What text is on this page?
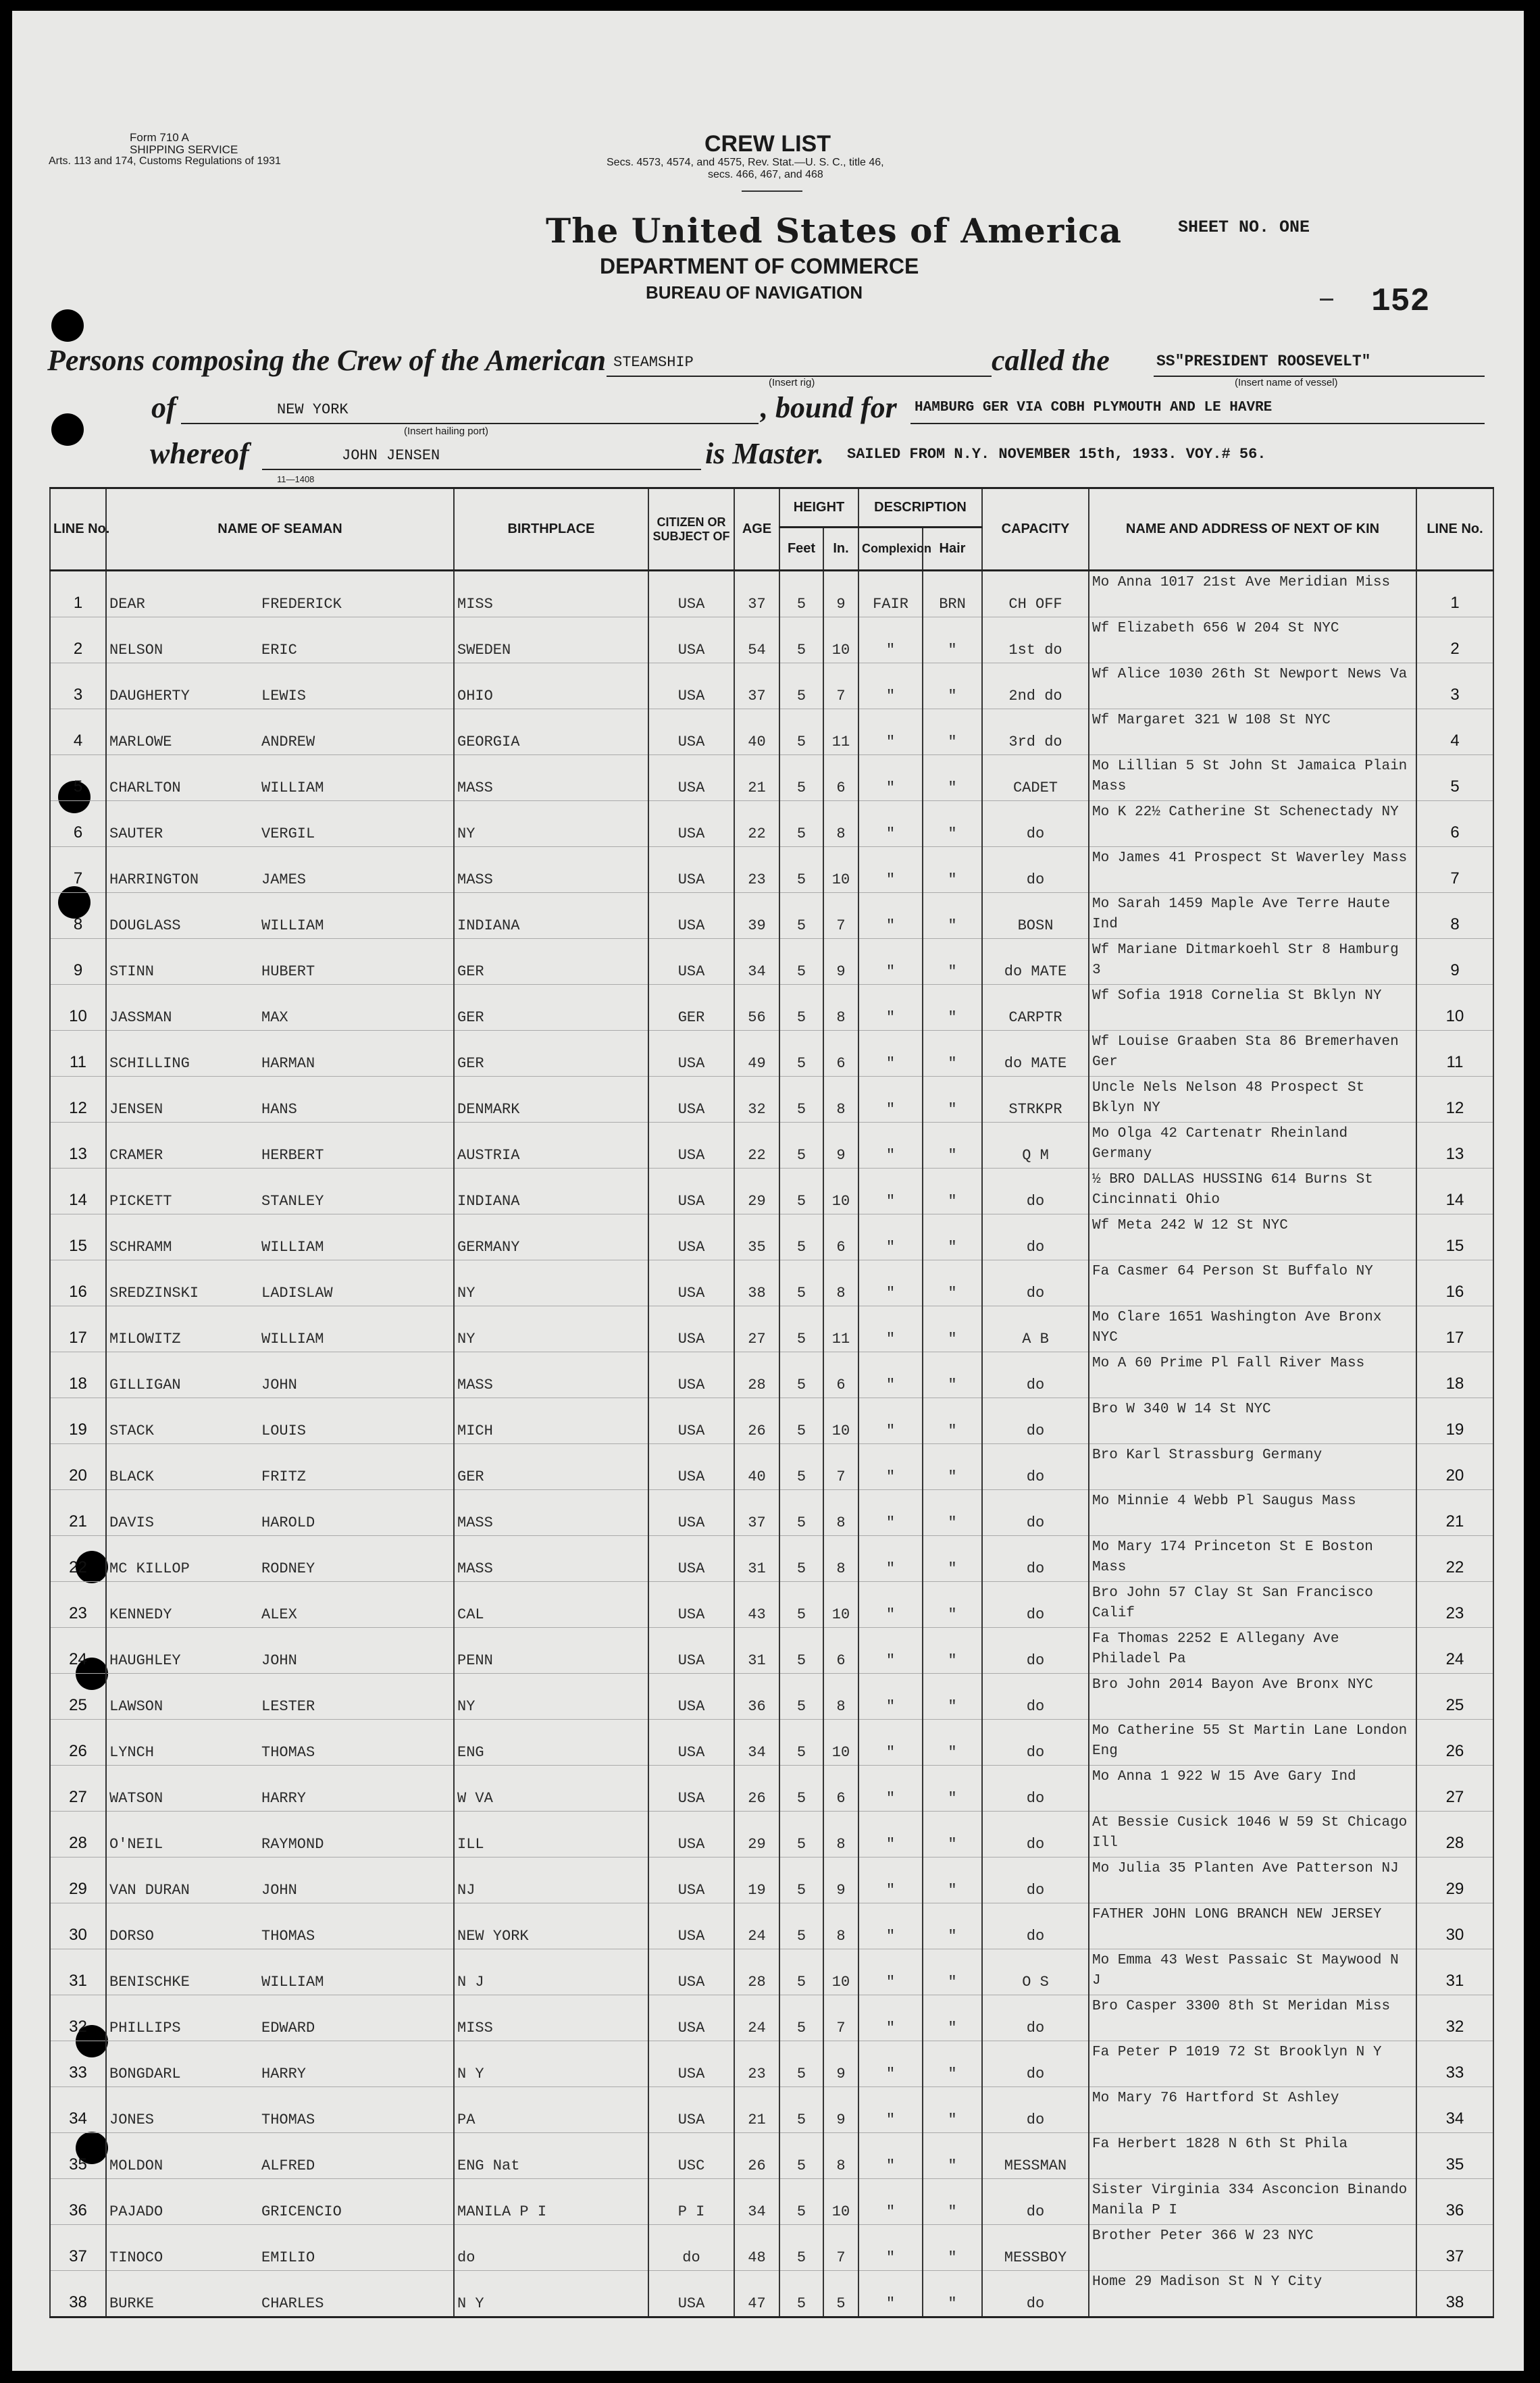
Form 710 A
SHIPPING SERVICE
Arts. 113 and 174, Customs Regulations of 1931
CREW LIST
Secs. 4573, 4574, and 4575, Rev. Stat.—U. S. C., title 46,
secs. 466, 467, and 468
The United States of America
DEPARTMENT OF COMMERCE
BUREAU OF NAVIGATION
SHEET NO. ONE
152
Persons composing the Crew of the American STEAMSHIP
(Insert rig)
called the	SS"PRESIDENT ROOSEVELT"
(Insert name of vessel)
of	NEW YORK
(Insert hailing port)
, bound for HAMBURG GER VIA COBH PLYMOUTH AND LE HAVRE
whereof	JOHN JENSEN
11—1408
is Master. SAILED FROM N.Y. NOVEMBER 15th, 1933. VOY.# 56.
LINE No.	NAME OF SEAMAN	BIRTHPLACE	CITIZEN OR SUBJECT OF	AGE	HEIGHT		DESCRIPTION		CAPACITY	NAME AND ADDRESS OF NEXT OF KIN	LINE No.
					Feet	In.	Complexion	Hair			
1	DEAR FREDERICK	MISS	USA	37	5	9	FAIR	BRN	CH OFF	Mo Anna 1017 21st Ave Meridian Miss	1
2	NELSON ERIC	SWEDEN	USA	54	5	10	"	"	1st do	Wf Elizabeth 656 W 204 St NYC	2
3	DAUGHERTY LEWIS	OHIO	USA	37	5	7	"	"	2nd do	Wf Alice 1030 26th St Newport News Va	3
4	MARLOWE ANDREW	GEORGIA	USA	40	5	11	"	"	3rd do	Wf Margaret 321 W 108 St NYC	4
5	CHARLTON WILLIAM	MASS	USA	21	5	6	"	"	CADET	Mo Lillian 5 St John St Jamaica Plain Mass	5
6	SAUTER VERGIL	NY	USA	22	5	8	"	"	do	Mo K 22½ Catherine St Schenectady NY	6
7	HARRINGTON JAMES	MASS	USA	23	5	10	"	"	do	Mo James 41 Prospect St Waverley Mass	7
8	DOUGLASS WILLIAM	INDIANA	USA	39	5	7	"	"	BOSN	Mo Sarah 1459 Maple Ave Terre Haute Ind	8
9	STINN HUBERT	GER	USA	34	5	9	"	"	do MATE	Wf Mariane Ditmarkoehl Str 8 Hamburg 3	9
10	JASSMAN MAX	GER	GER	56	5	8	"	"	CARPTR	Wf Sofia 1918 Cornelia St Bklyn NY	10
11	SCHILLING HARMAN	GER	USA	49	5	6	"	"	do MATE	Wf Louise Graaben Sta 86 Bremerhaven Ger	11
12	JENSEN HANS	DENMARK	USA	32	5	8	"	"	STRKPR	Uncle Nels Nelson 48 Prospect St Bklyn NY	12
13	CRAMER HERBERT	AUSTRIA	USA	22	5	9	"	"	Q M	Mo Olga 42 Cartenatr Rheinland Germany	13
14	PICKETT STANLEY	INDIANA	USA	29	5	10	"	"	do	½ BRO DALLAS HUSSING 614 Burns St Cincinnati Ohio	14
15	SCHRAMM WILLIAM	GERMANY	USA	35	5	6	"	"	do	Wf Meta 242 W 12 St NYC	15
16	SREDZINSKI LADISLAW	NY	USA	38	5	8	"	"	do	Fa Casmer 64 Person St Buffalo NY	16
17	MILOWITZ WILLIAM	NY	USA	27	5	11	"	"	A B	Mo Clare 1651 Washington Ave Bronx NYC	17
18	GILLIGAN JOHN	MASS	USA	28	5	6	"	"	do	Mo A 60 Prime Pl Fall River Mass	18
19	STACK LOUIS	MICH	USA	26	5	10	"	"	do	Bro W 340 W 14 St NYC	19
20	BLACK FRITZ	GER	USA	40	5	7	"	"	do	Bro Karl Strassburg Germany	20
21	DAVIS HAROLD	MASS	USA	37	5	8	"	"	do	Mo Minnie 4 Webb Pl Saugus Mass	21
22	MC KILLOP RODNEY	MASS	USA	31	5	8	"	"	do	Mo Mary 174 Princeton St E Boston Mass	22
23	KENNEDY ALEX	CAL	USA	43	5	10	"	"	do	Bro John 57 Clay St San Francisco Calif	23
24	HAUGHLEY JOHN	PENN	USA	31	5	6	"	"	do	Fa Thomas 2252 E Allegany Ave Philadel Pa	24
25	LAWSON LESTER	NY	USA	36	5	8	"	"	do	Bro John 2014 Bayon Ave Bronx NYC	25
26	LYNCH THOMAS	ENG	USA	34	5	10	"	"	do	Mo Catherine 55 St Martin Lane London Eng	26
27	WATSON HARRY	W VA	USA	26	5	6	"	"	do	Mo Anna 1 922 W 15 Ave Gary Ind	27
28	O'NEIL RAYMOND	ILL	USA	29	5	8	"	"	do	At Bessie Cusick 1046 W 59 St Chicago Ill	28
29	VAN DURAN JOHN	NJ	USA	19	5	9	"	"	do	Mo Julia 35 Planten Ave Patterson NJ	29
30	DORSO THOMAS	NEW YORK	USA	24	5	8	"	"	do	FATHER JOHN LONG BRANCH NEW JERSEY	30
31	BENISCHKE WILLIAM	N J	USA	28	5	10	"	"	O S	Mo Emma 43 West Passaic St Maywood N J	31
32	PHILLIPS EDWARD	MISS	USA	24	5	7	"	"	do	Bro Casper 3300 8th St Meridan Miss	32
33	BONGDARL HARRY	N Y	USA	23	5	9	"	"	do	Fa Peter P 1019 72 St Brooklyn N Y	33
34	JONES THOMAS	PA	USA	21	5	9	"	"	do	Mo Mary 76 Hartford St Ashley	34
35	MOLDON ALFRED	ENG Nat	USC	26	5	8	"	"	MESSMAN	Fa Herbert 1828 N 6th St Phila	35
36	PAJADO GRICENCIO	MANILA P I	P I	34	5	10	"	"	do	Sister Virginia 334 Asconcion Binando Manila P I	36
37	TINOCO EMILIO	do	do	48	5	7	"	"	MESSBOY	Brother Peter 366 W 23 NYC	37
38	BURKE CHARLES	N Y	USA	47	5	5	"	"	do	Home 29 Madison St N Y City	38
